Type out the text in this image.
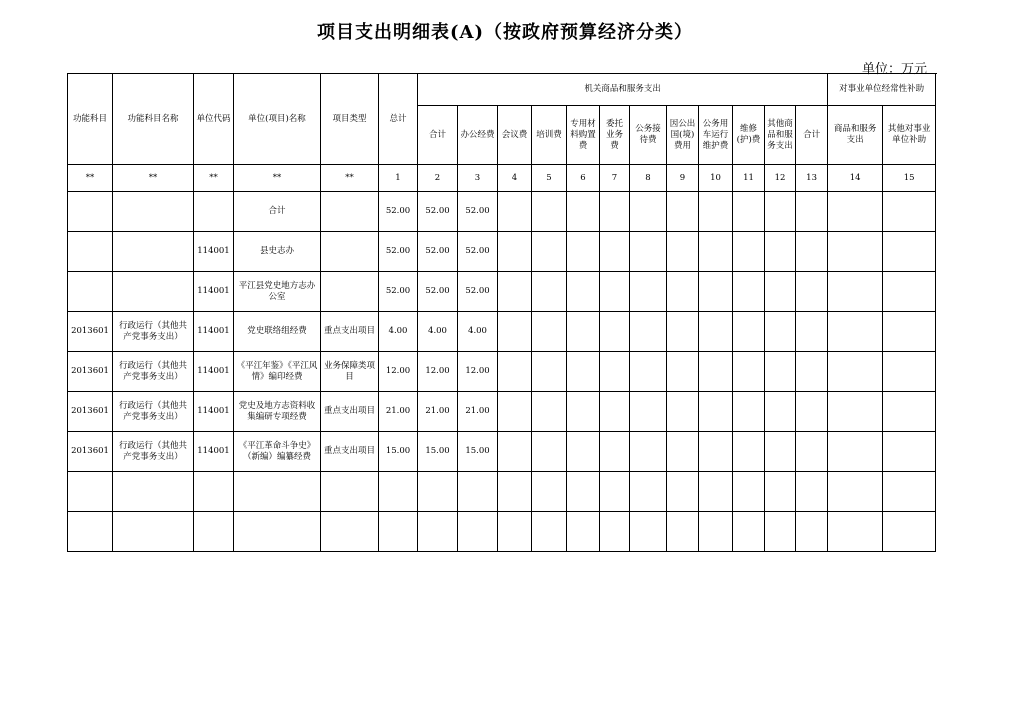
项目支出明细表(A)（按政府预算经济分类）
单位：万元
功能科目	功能科目名称	单位代码	单位(项目)名称	项目类型	总计	机关商品和服务支出												对事业单位经常性补助	
						合计	办公经费	会议费	培训费	专用材料购置费	委托业务费	公务接待费	因公出国(境)费用	公务用车运行维护费	维修(护)费	其他商品和服务支出	合计	商品和服务支出	其他对事业单位补助
**	**	**	**	**	1	2	3	4	5	6	7	8	9	10	11	12	13	14	15
			合计		52.00	52.00	52.00												
		114001	县史志办		52.00	52.00	52.00												
		114001	平江县党史地方志办公室		52.00	52.00	52.00												
2013601	行政运行（其他共产党事务支出）	114001	党史联络组经费	重点支出项目	4.00	4.00	4.00												
2013601	行政运行（其他共产党事务支出）	114001	《平江年鉴》《平江风情》编印经费	业务保障类项目	12.00	12.00	12.00												
2013601	行政运行（其他共产党事务支出）	114001	党史及地方志资料收集编研专项经费	重点支出项目	21.00	21.00	21.00												
2013601	行政运行（其他共产党事务支出）	114001	《平江革命斗争史》（新编）编纂经费	重点支出项目	15.00	15.00	15.00												
